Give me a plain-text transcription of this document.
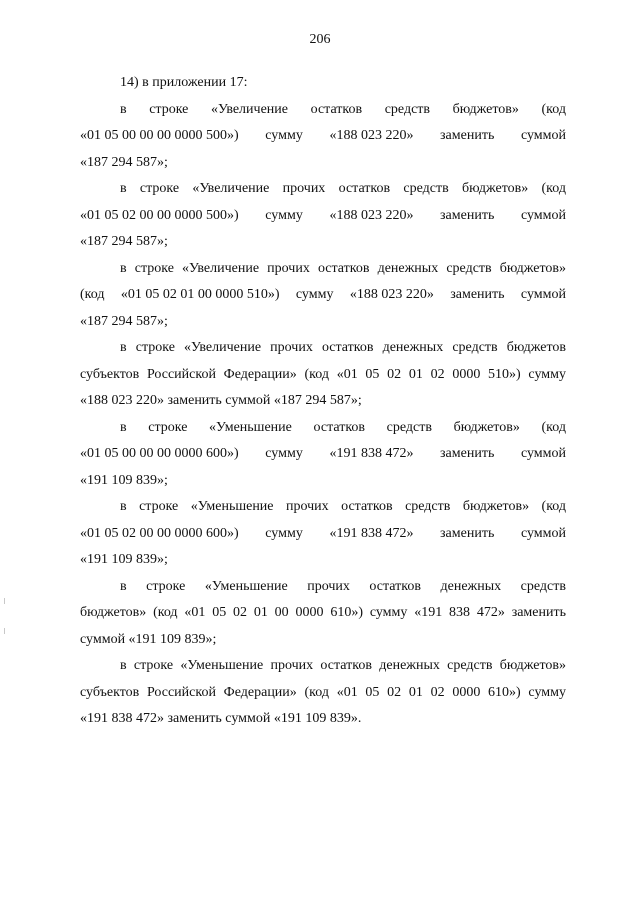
206
14) в приложении 17:
в строке «Увеличение остатков средств бюджетов» (код
«01 05 00 00 00 0000 500») сумму «188 023 220» заменить суммой
«187 294 587»;
в строке «Увеличение прочих остатков средств бюджетов» (код
«01 05 02 00 00 0000 500») сумму «188 023 220» заменить суммой
«187 294 587»;
в строке «Увеличение прочих остатков денежных средств бюджетов»
(код «01 05 02 01 00 0000 510») сумму «188 023 220» заменить суммой
«187 294 587»;
в строке «Увеличение прочих остатков денежных средств бюджетов
субъектов Российской Федерации» (код «01 05 02 01 02 0000 510») сумму
«188 023 220» заменить суммой «187 294 587»;
в строке «Уменьшение остатков средств бюджетов» (код
«01 05 00 00 00 0000 600») сумму «191 838 472» заменить суммой
«191 109 839»;
в строке «Уменьшение прочих остатков средств бюджетов» (код
«01 05 02 00 00 0000 600») сумму «191 838 472» заменить суммой
«191 109 839»;
в строке «Уменьшение прочих остатков денежных средств
бюджетов» (код «01 05 02 01 00 0000 610») сумму «191 838 472» заменить
суммой «191 109 839»;
в строке «Уменьшение прочих остатков денежных средств бюджетов»
субъектов Российской Федерации» (код «01 05 02 01 02 0000 610») сумму
«191 838 472» заменить суммой «191 109 839».
